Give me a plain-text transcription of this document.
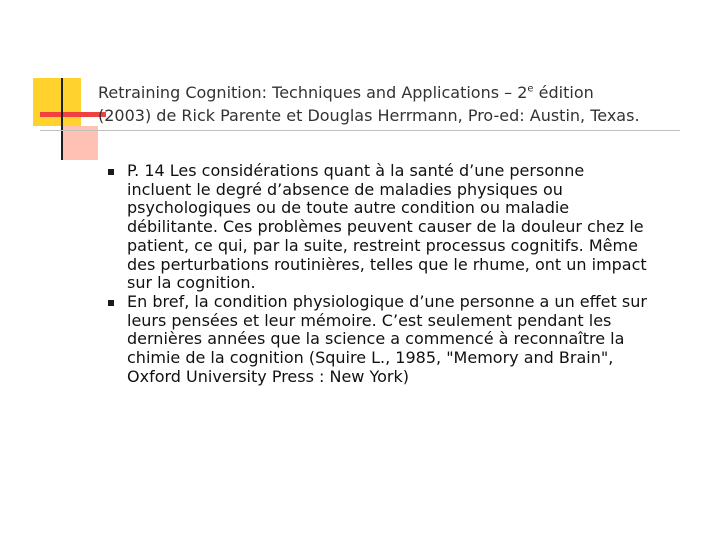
Retraining Cognition: Techniques and Applications – 2e édition
(2003) de Rick Parente et Douglas Herrmann, Pro-ed: Austin, Texas.
P. 14 Les considérations quant à la santé d’une personne
incluent le degré d’absence de maladies physiques ou
psychologiques ou de toute autre condition ou maladie
débilitante. Ces problèmes peuvent causer de la douleur chez le
patient, ce qui, par la suite, restreint processus cognitifs. Même
des perturbations routinières, telles que le rhume, ont un impact
sur la cognition.
En bref, la condition physiologique d’une personne a un effet sur
leurs pensées et leur mémoire. C’est seulement pendant les
dernières années que la science a commencé à reconnaître la
chimie de la cognition (Squire L., 1985, "Memory and Brain",
Oxford University Press : New York)
